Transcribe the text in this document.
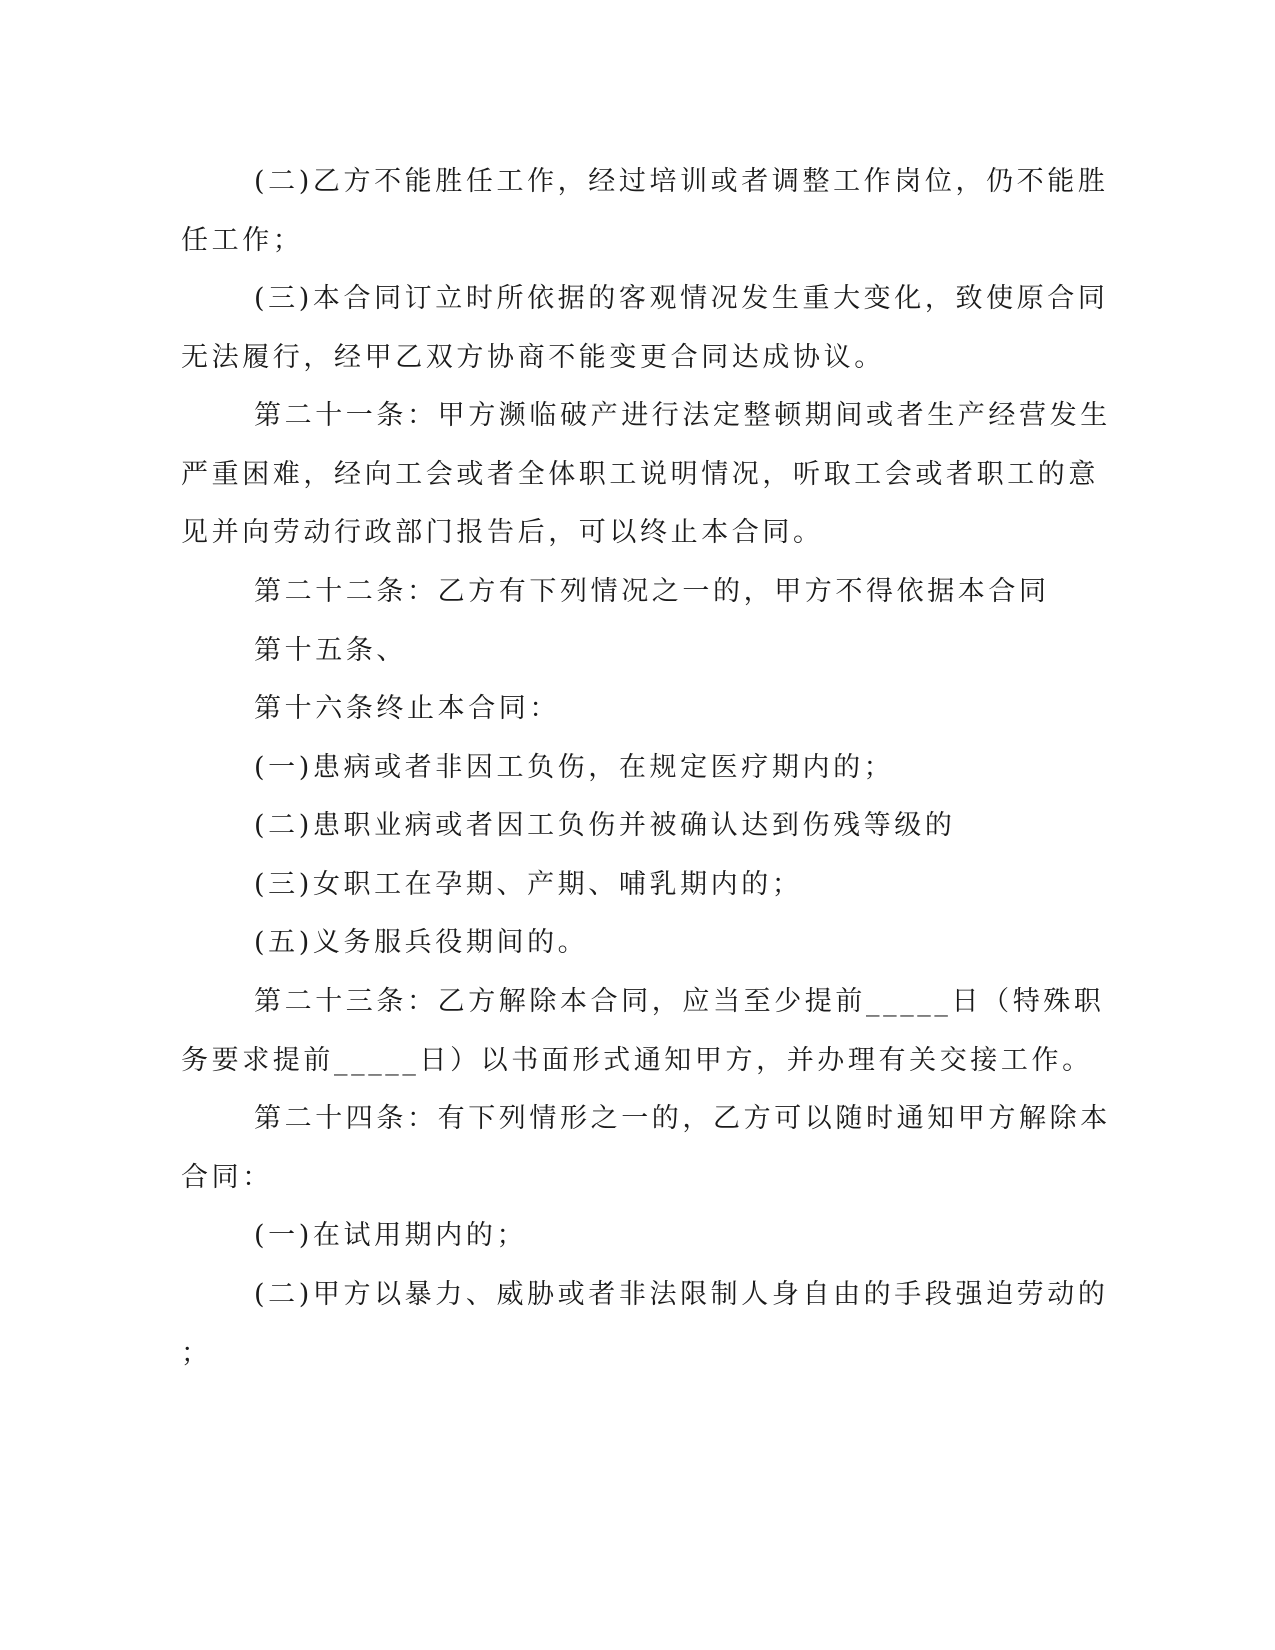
(二)乙方不能胜任工作，经过培训或者调整工作岗位，仍不能胜

任工作；

(三)本合同订立时所依据的客观情况发生重大变化，致使原合同

无法履行，经甲乙双方协商不能变更合同达成协议。

第二十一条：甲方濒临破产进行法定整顿期间或者生产经营发生

严重困难，经向工会或者全体职工说明情况，听取工会或者职工的意

见并向劳动行政部门报告后，可以终止本合同。

第二十二条：乙方有下列情况之一的，甲方不得依据本合同

第十五条、

第十六条终止本合同：

(一)患病或者非因工负伤，在规定医疗期内的；

(二)患职业病或者因工负伤并被确认达到伤残等级的

(三)女职工在孕期、产期、哺乳期内的；

(五)义务服兵役期间的。

第二十三条：乙方解除本合同，应当至少提前_____日（特殊职

务要求提前_____日）以书面形式通知甲方，并办理有关交接工作。

第二十四条：有下列情形之一的，乙方可以随时通知甲方解除本

合同：

(一)在试用期内的；

(二)甲方以暴力、威胁或者非法限制人身自由的手段强迫劳动的

；
